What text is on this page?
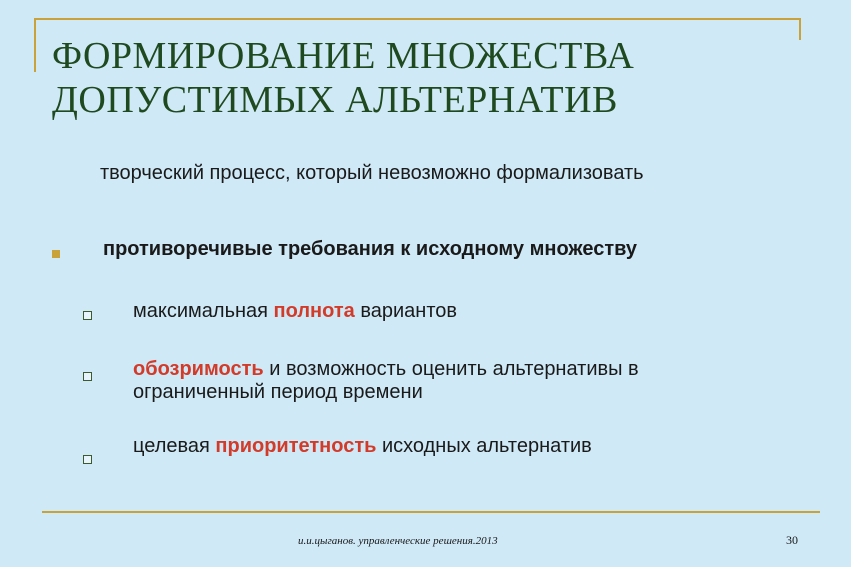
ФОРМИРОВАНИЕ МНОЖЕСТВА
ДОПУСТИМЫХ АЛЬТЕРНАТИВ
творческий процесс, который невозможно формализовать
противоречивые требования к исходному множеству
максимальная полнота вариантов
обозримость и возможность оценить альтернативы в
ограниченный период времени
целевая приоритетность исходных альтернатив
и.и.цыганов. управленческие решения.2013	30
